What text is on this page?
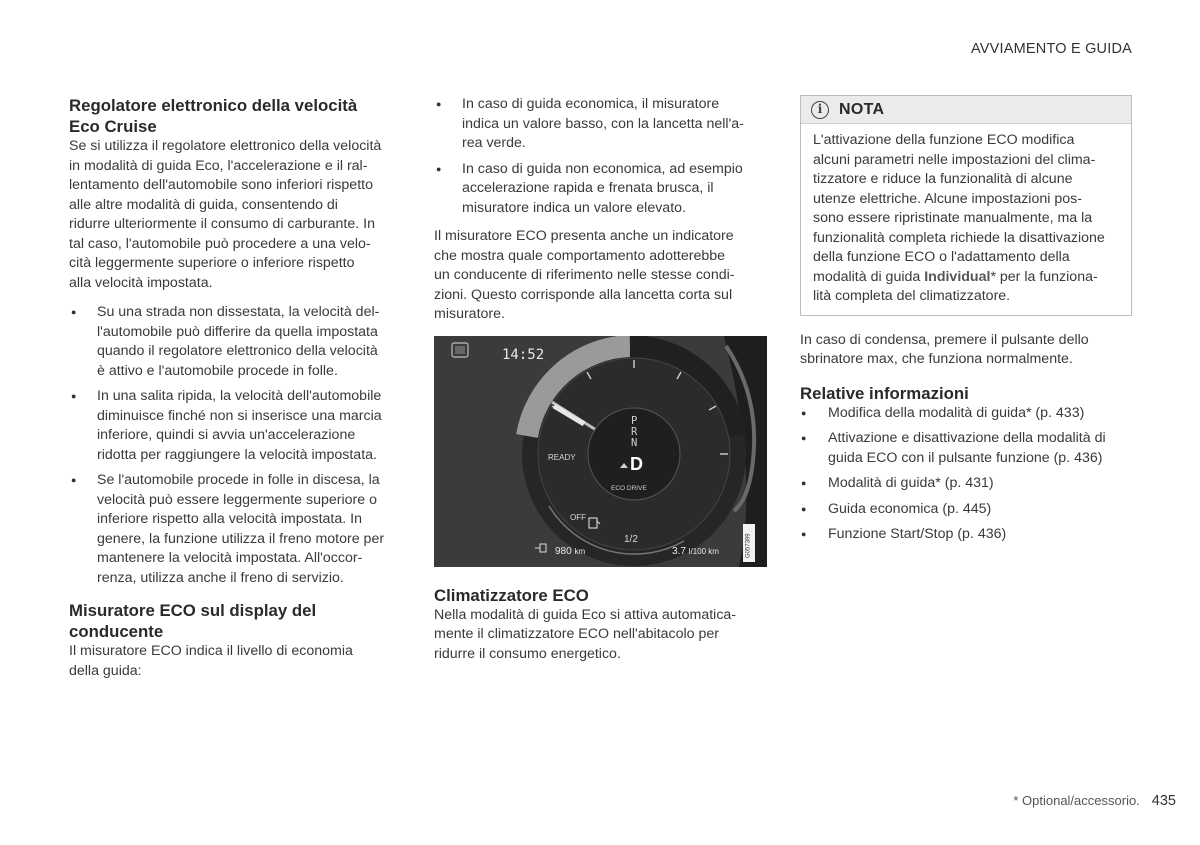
AVVIAMENTO E GUIDA
Regolatore elettronico della velocità
Eco Cruise

Se si utilizza il regolatore elettronico della velocità
in modalità di guida Eco, l'accelerazione e il ral-
lentamento dell'automobile sono inferiori rispetto
alle altre modalità di guida, consentendo di
ridurre ulteriormente il consumo di carburante. In
tal caso, l'automobile può procedere a una velo-
cità leggermente superiore o inferiore rispetto
alla velocità impostata.

● Su una strada non dissestata, la velocità del-
l'automobile può differire da quella impostata
quando il regolatore elettronico della velocità
è attivo e l'automobile procede in folle.
● In una salita ripida, la velocità dell'automobile
diminuisce finché non si inserisce una marcia
inferiore, quindi si avvia un'accelerazione
ridotta per raggiungere la velocità impostata.
● Se l'automobile procede in folle in discesa, la
velocità può essere leggermente superiore o
inferiore rispetto alla velocità impostata. In
genere, la funzione utilizza il freno motore per
mantenere la velocità impostata. All'occor-
renza, utilizza anche il freno di servizio.
Misuratore ECO sul display del
conducente

Il misuratore ECO indica il livello di economia
della guida:

● In caso di guida economica, il misuratore
indica un valore basso, con la lancetta nell'a-
rea verde.
● In caso di guida non economica, ad esempio
accelerazione rapida e frenata brusca, il
misuratore indica un valore elevato.

Il misuratore ECO presenta anche un indicatore
che mostra quale comportamento adotterebbe
un conducente di riferimento nelle stesse condi-
zioni. Questo corrisponde alla lancetta corta sul
misuratore.

14:52
READY
OFF
1/2
P
R
N
D
ECO DRIVE
980 km	3.7 l/100 km	G057399
Climatizzatore ECO

Nella modalità di guida Eco si attiva automatica-
mente il climatizzatore ECO nell'abitacolo per
ridurre il consumo energetico.

i	NOTA
L'attivazione della funzione ECO modifica
alcuni parametri nelle impostazioni del clima-
tizzatore e riduce la funzionalità di alcune
utenze elettriche. Alcune impostazioni pos-
sono essere ripristinate manualmente, ma la
funzionalità completa richiede la disattivazione
della funzione ECO o l'adattamento della
modalità di guida Individual* per la funziona-
lità completa del climatizzatore.

In caso di condensa, premere il pulsante dello
sbrinatore max, che funziona normalmente.

Relative informazioni
● Modifica della modalità di guida* (p. 433)
● Attivazione e disattivazione della modalità di
guida ECO con il pulsante funzione (p. 436)
● Modalità di guida* (p. 431)
● Guida economica (p. 445)
● Funzione Start/Stop (p. 436)
* Optional/accessorio. 435
